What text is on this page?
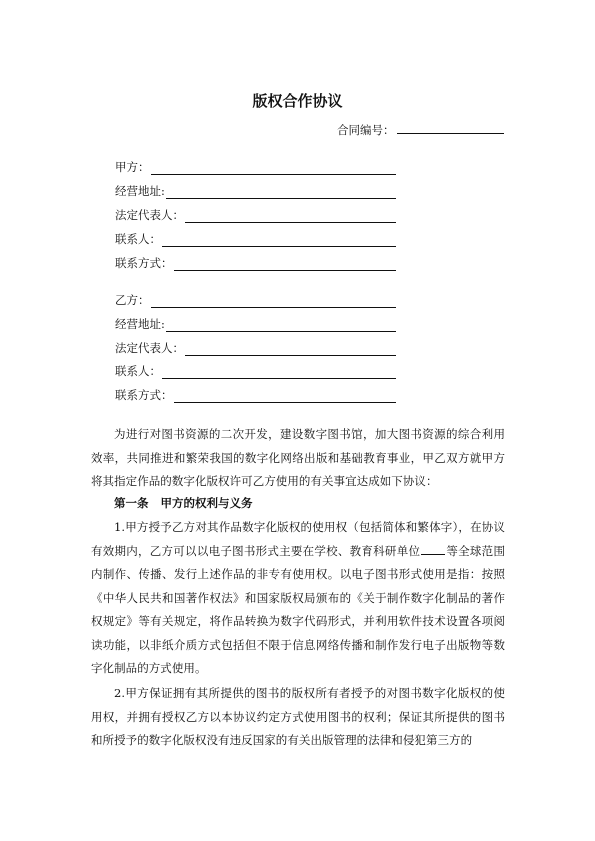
版权合作协议
合同编号：
甲方：
经营地址:
法定代表人：
联系人：
联系方式：
乙方：
经营地址:
法定代表人：
联系人：
联系方式：

为进行对图书资源的二次开发，建设数字图书馆，加大图书资源的综合利用效率，共同推进和繁荣我国的数字化网络出版和基础教育事业，甲乙双方就甲方将其指定作品的数字化版权许可乙方使用的有关事宜达成如下协议：

第一条 甲方的权利与义务

1.甲方授予乙方对其作品数字化版权的使用权（包括简体和繁体字），在协议有效期内，乙方可以以电子图书形式主要在学校、教育科研单位 等全球范围内制作、传播、发行上述作品的非专有使用权。以电子图书形式使用是指：按照《中华人民共和国著作权法》和国家版权局颁布的《关于制作数字化制品的著作权规定》等有关规定，将作品转换为数字代码形式，并利用软件技术设置各项阅读功能，以非纸介质方式包括但不限于信息网络传播和制作发行电子出版物等数字化制品的方式使用。

2.甲方保证拥有其所提供的图书的版权所有者授予的对图书数字化版权的使用权，并拥有授权乙方以本协议约定方式使用图书的权利；保证其所提供的图书和所授予的数字化版权没有违反国家的有关出版管理的法律和侵犯第三方的
